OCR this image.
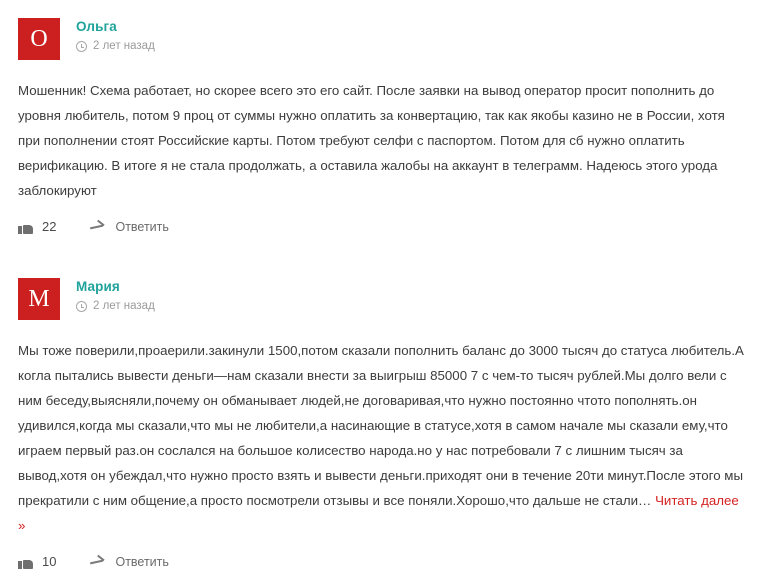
О	Ольга
2 лет назад
Мошенник! Схема работает, но скорее всего это его сайт. После заявки на вывод оператор просит пополнить до уровня любитель, потом 9 проц от суммы нужно оплатить за конвертацию, так как якобы казино не в России, хотя при пополнении стоят Российские карты. Потом требуют селфи с паспортом. Потом для сб нужно оплатить верификацию. В итоге я не стала продолжать, а оставила жалобы на аккаунт в телеграмм. Надеюсь этого урода заблокируют
22	Ответить
М	Мария
2 лет назад
Мы тоже поверили,проаерили.закинули 1500,потом сказали пополнить баланс до 3000 тысяч до статуса любитель.А когла пытались вывести деньги—нам сказали внести за выигрыш 85000 7 с чем-то тысяч рублей.Мы долго вели с ним беседу,выясняли,почему он обманывает людей,не договаривая,что нужно постоянно чтото пополнять.он удивился,когда мы сказали,что мы не любители,а насинающие в статусе,хотя в самом начале мы сказали ему,что играем первый раз.он сослался на большое колисество народа.но у нас потребовали 7 с лишним тысяч за вывод,хотя он убеждал,что нужно просто взять и вывести деньги.приходят они в течение 20ти минут.После этого мы прекратили с ним общение,а просто посмотрели отзывы и все поняли.Хорошо,что дальше не стали… Читать далее »
10	Ответить
